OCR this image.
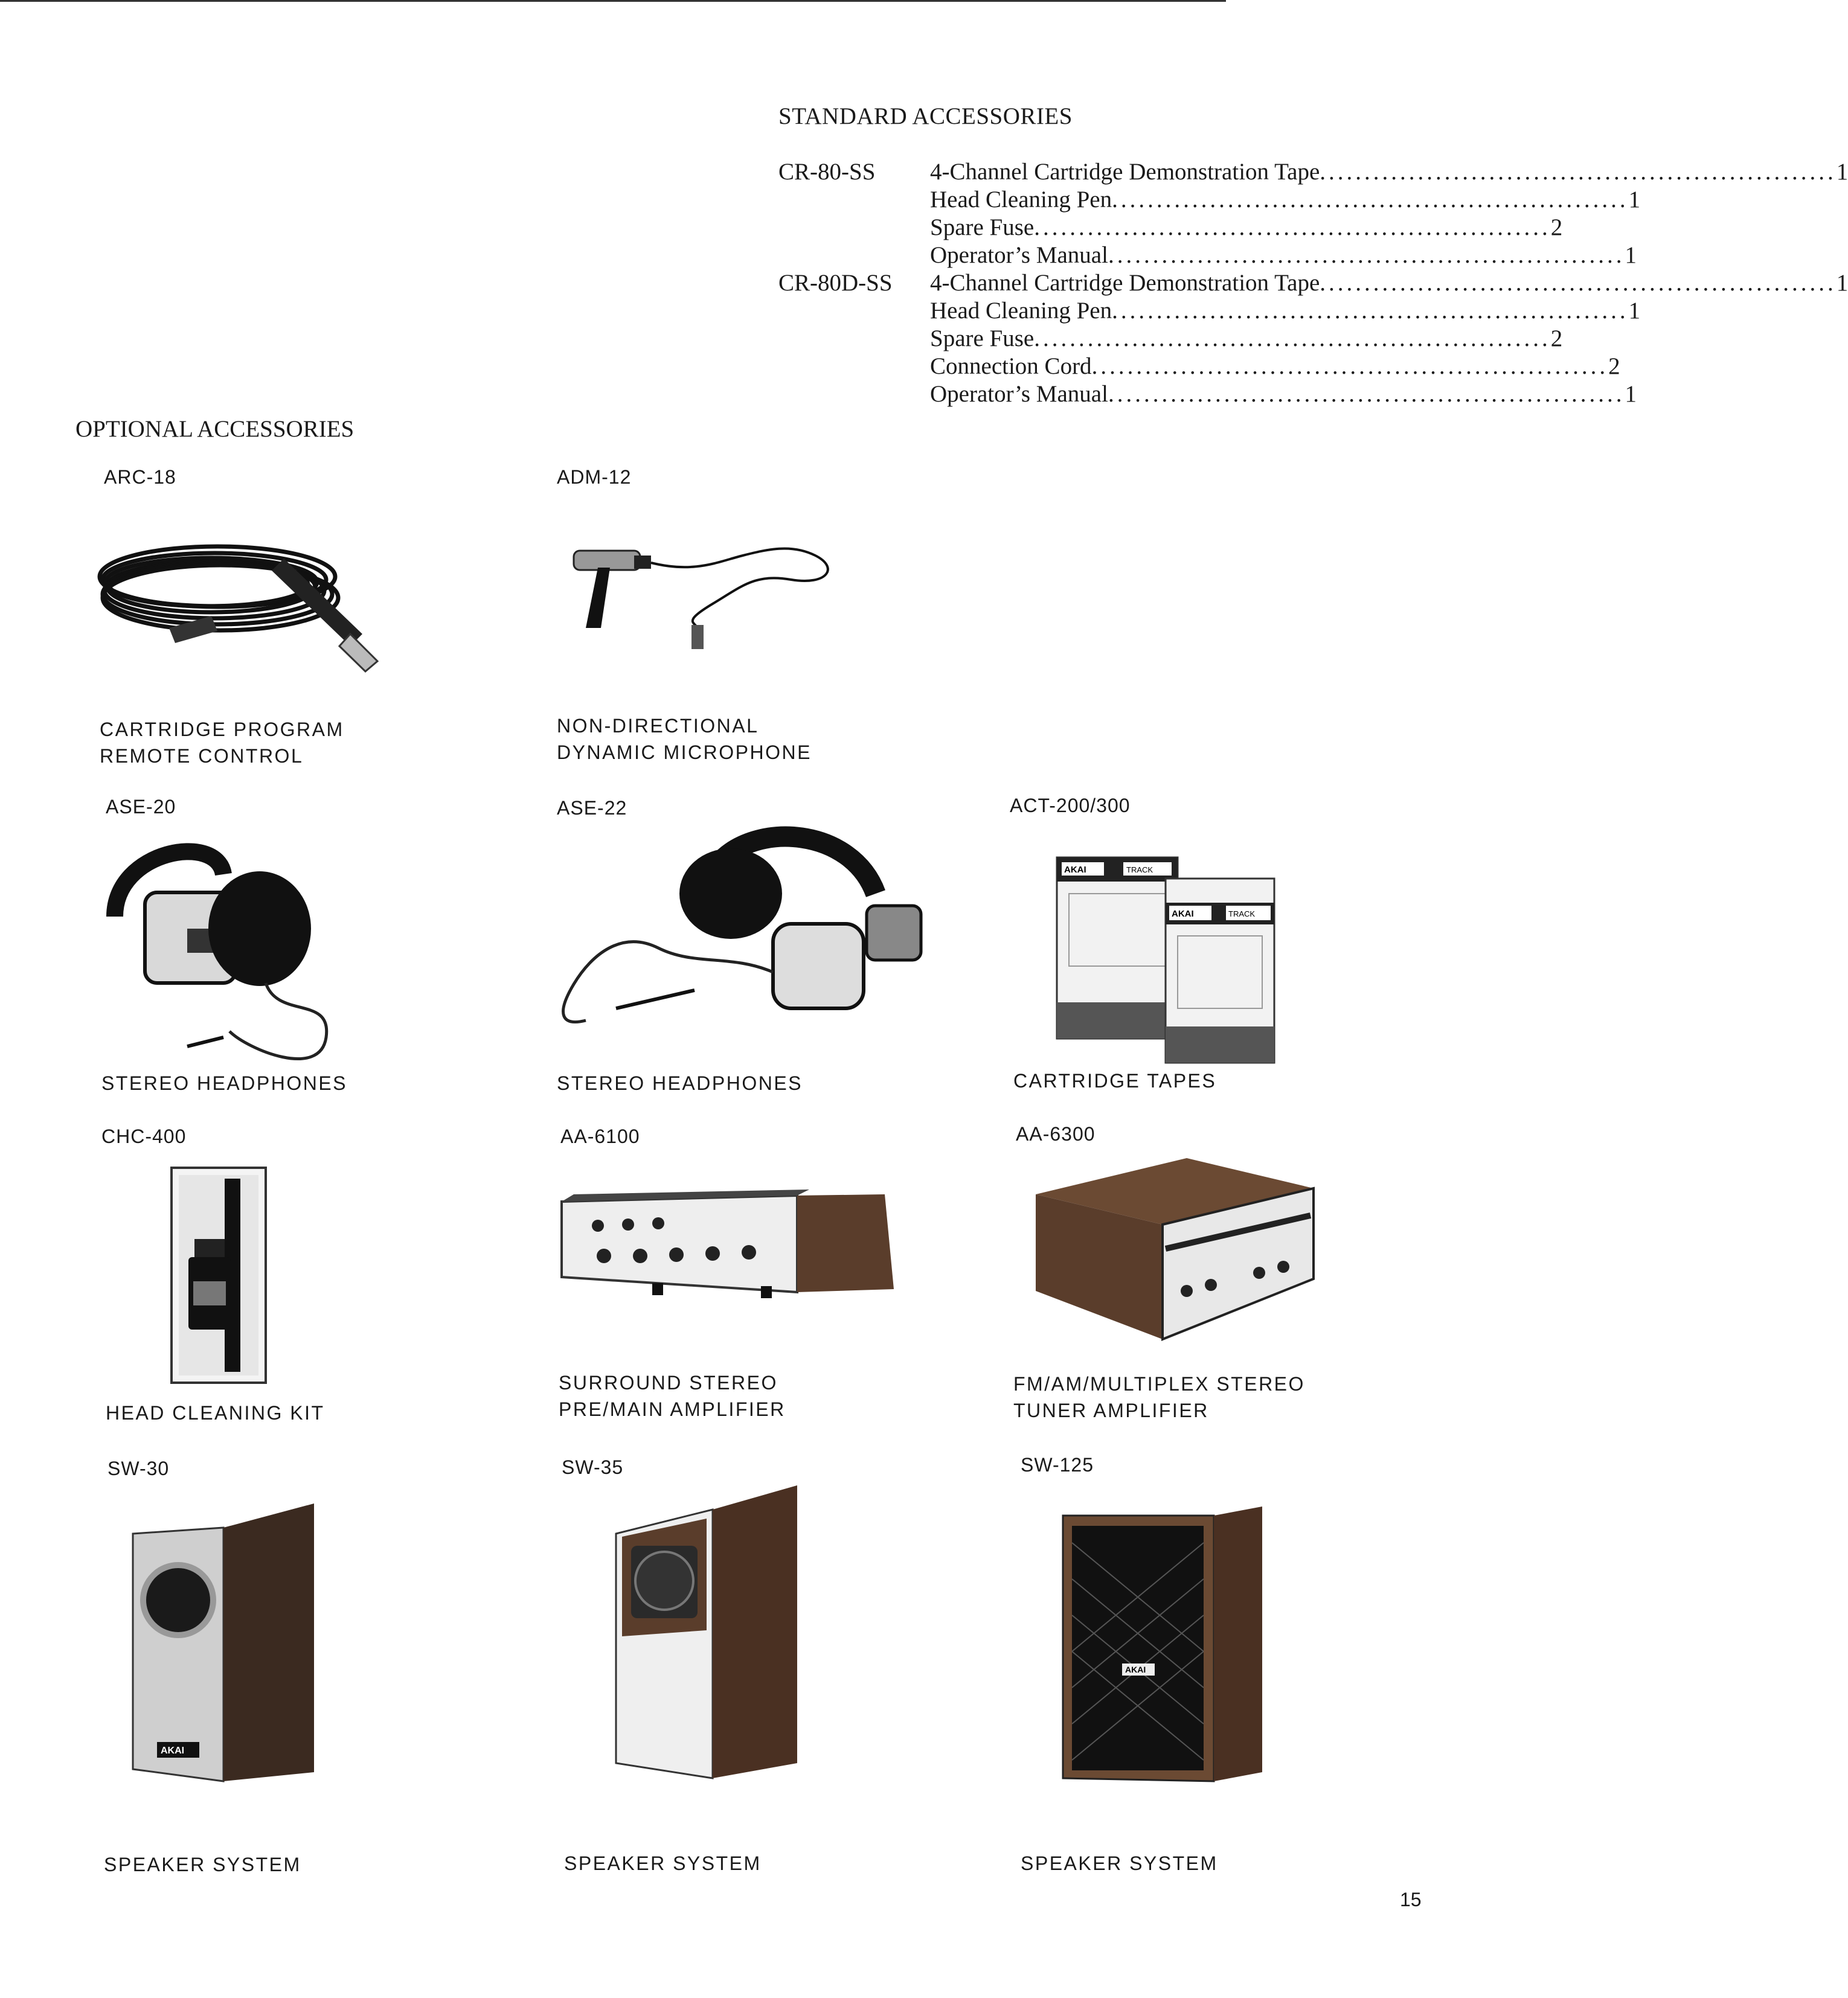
STANDARD ACCESSORIES
CR-80-SS 4-Channel Cartridge Demonstration Tape .......................................................... 1
Head Cleaning Pen .......................................................... 1
Spare Fuse .......................................................... 2
Operator’s Manual .......................................................... 1
CR-80D-SS 4-Channel Cartridge Demonstration Tape .......................................................... 1
Head Cleaning Pen .......................................................... 1
Spare Fuse .......................................................... 2
Connection Cord .......................................................... 2
Operator’s Manual .......................................................... 1
OPTIONAL ACCESSORIES
ARC-18
CARTRIDGE PROGRAM
REMOTE CONTROL
ADM-12
NON-DIRECTIONAL
DYNAMIC MICROPHONE
ASE-20
STEREO HEADPHONES
ASE-22
STEREO HEADPHONES
ACT-200/300
AKAI	TRACK
AKAI	TRACK
CARTRIDGE TAPES
CHC-400
HEAD CLEANING KIT
AA-6100
SURROUND STEREO
PRE/MAIN AMPLIFIER
AA-6300
FM/AM/MULTIPLEX STEREO
TUNER AMPLIFIER
SW-30
AKAI
SPEAKER SYSTEM
SW-35
SPEAKER SYSTEM
SW-125
AKAI
SPEAKER SYSTEM
15
